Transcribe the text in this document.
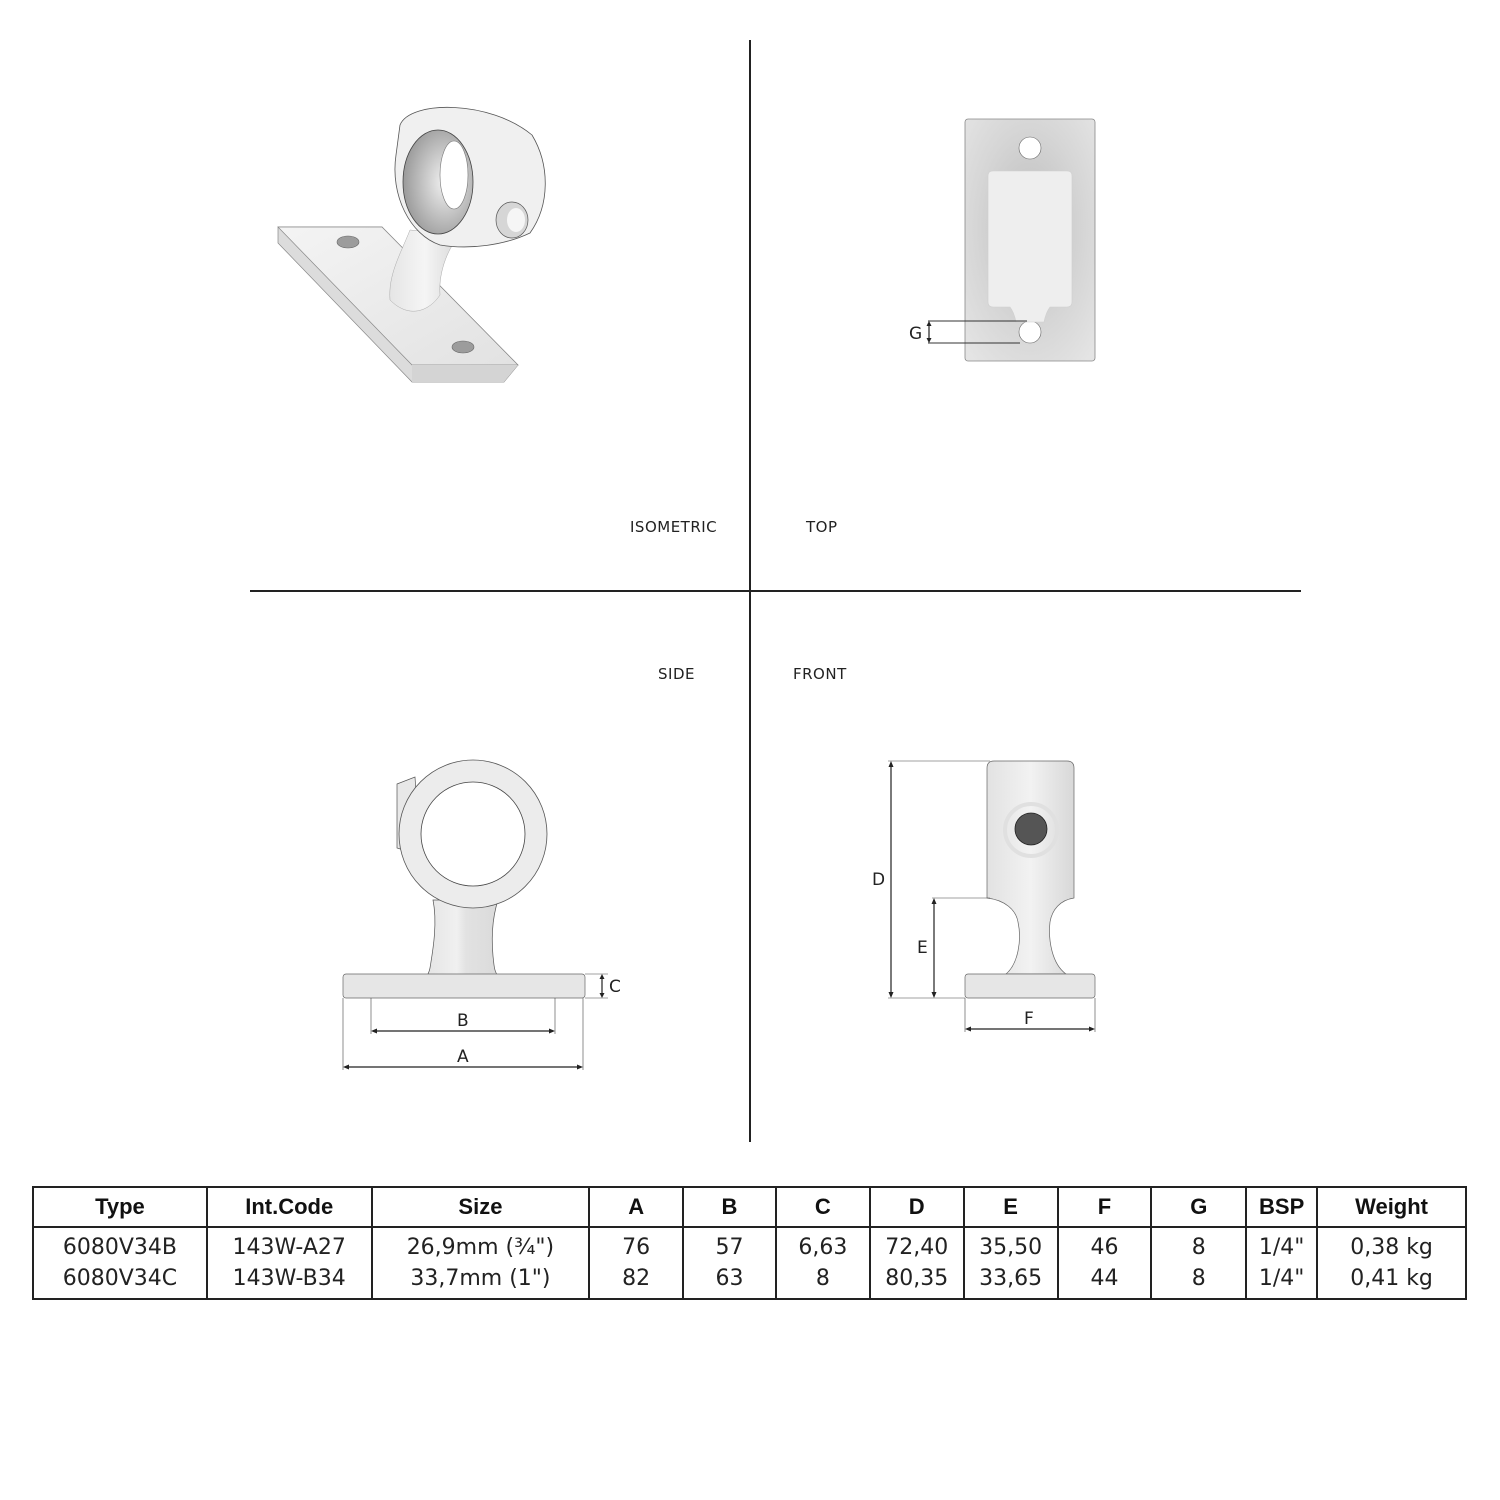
ISOMETRIC	TOP
SIDE	FRONT
G
C
B
A
D
E
F
Type	Int.Code	Size	A	B	C	D	E	F	G	BSP	Weight
6080V34B	143W-A27	26,9mm (¾")	76	57	6,63	72,40	35,50	46	8	1/4"	0,38 kg
6080V34C	143W-B34	33,7mm (1")	82	63	8	80,35	33,65	44	8	1/4"	0,41 kg
